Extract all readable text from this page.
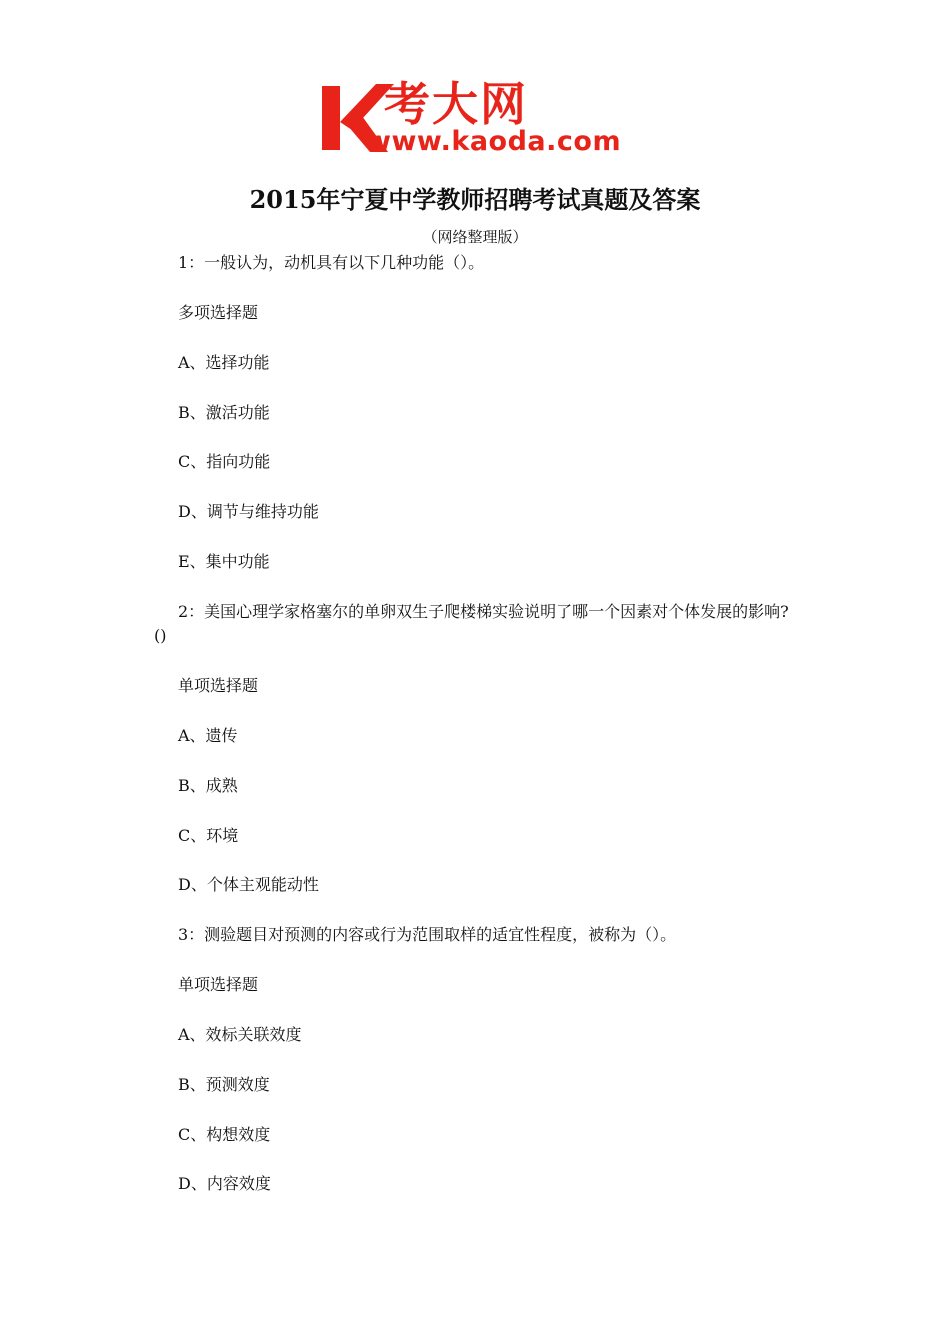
考大网
www.kaoda.com
2015年宁夏中学教师招聘考试真题及答案
（网络整理版）
1：一般认为，动机具有以下几种功能（）。
多项选择题
A、选择功能
B、激活功能
C、指向功能
D、调节与维持功能
E、集中功能
2：美国心理学家格塞尔的单卵双生子爬楼梯实验说明了哪一个因素对个体发展的影响?
()
单项选择题
A、遗传
B、成熟
C、环境
D、个体主观能动性
3：测验题目对预测的内容或行为范围取样的适宜性程度，被称为（）。
单项选择题
A、效标关联效度
B、预测效度
C、构想效度
D、内容效度
